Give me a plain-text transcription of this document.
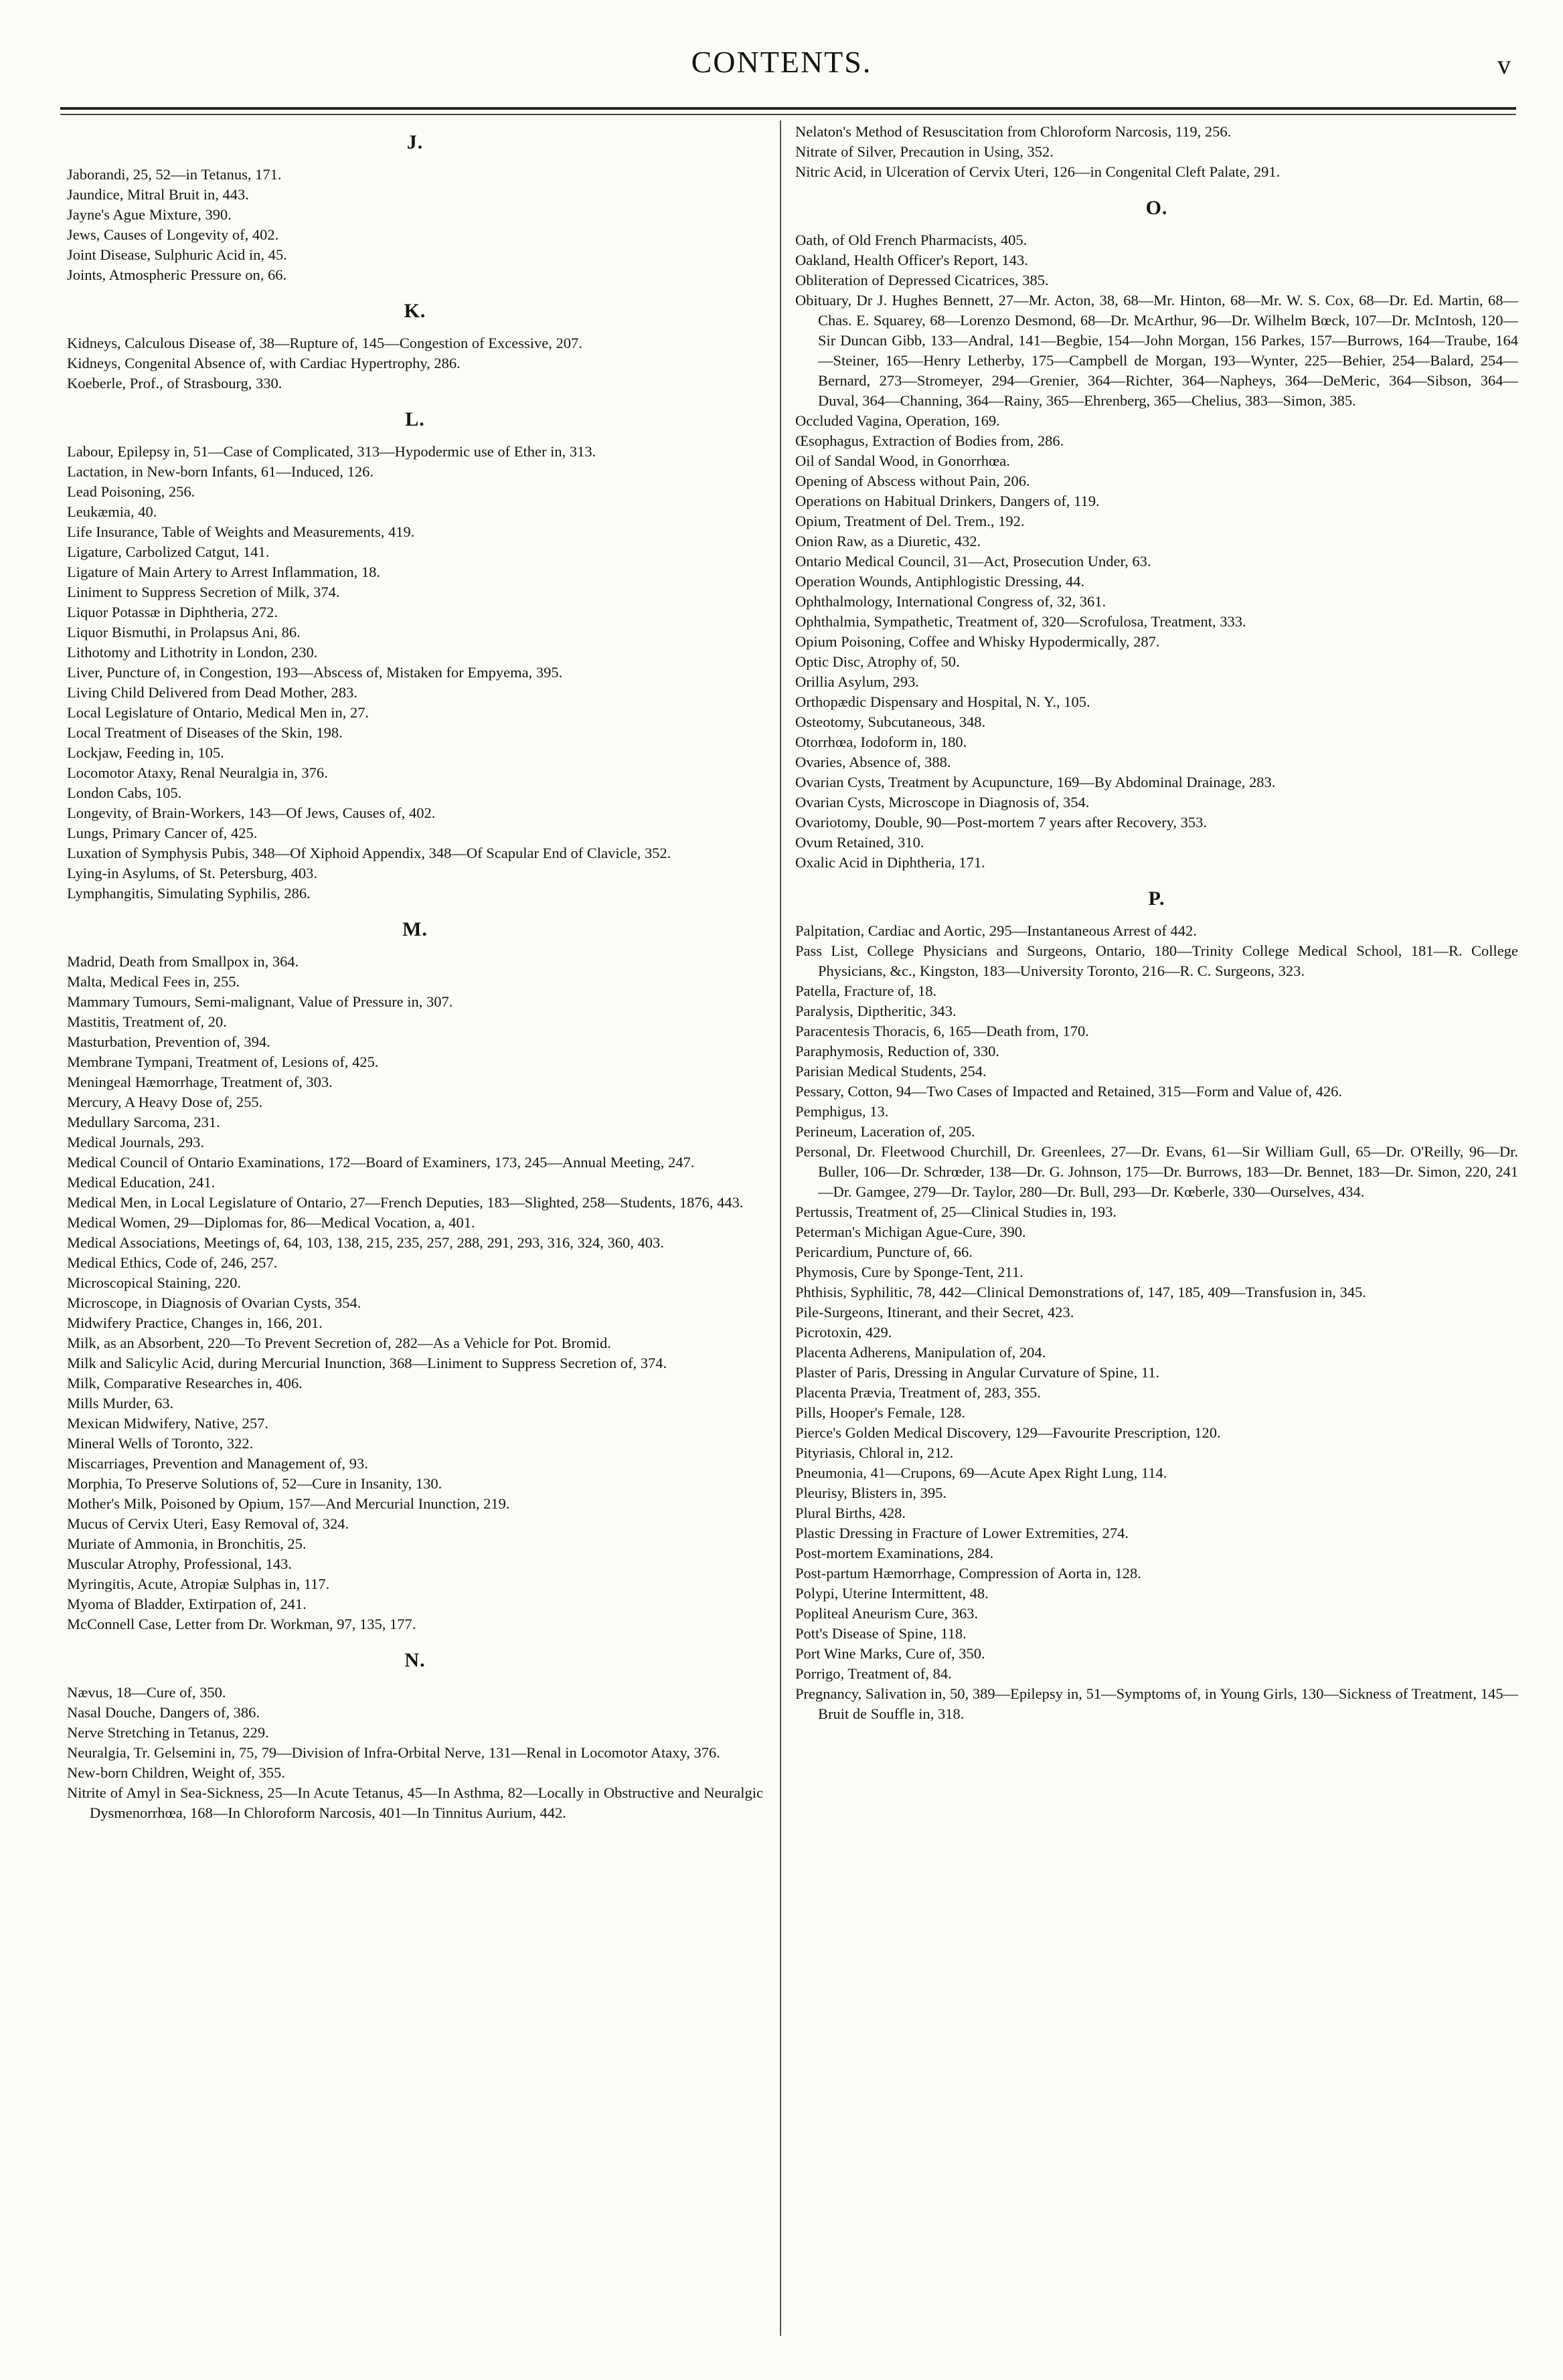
CONTENTS.	v
J.

Jaborandi, 25, 52—in Tetanus, 171.

Jaundice, Mitral Bruit in, 443.

Jayne's Ague Mixture, 390.

Jews, Causes of Longevity of, 402.

Joint Disease, Sulphuric Acid in, 45.

Joints, Atmospheric Pressure on, 66.

K.

Kidneys, Calculous Disease of, 38—Rupture of, 145—Congestion of Excessive, 207.

Kidneys, Congenital Absence of, with Cardiac Hypertrophy, 286.

Koeberle, Prof., of Strasbourg, 330.

L.

Labour, Epilepsy in, 51—Case of Complicated, 313—Hypodermic use of Ether in, 313.

Lactation, in New-born Infants, 61—Induced, 126.

Lead Poisoning, 256.

Leukæmia, 40.

Life Insurance, Table of Weights and Measurements, 419.

Ligature, Carbolized Catgut, 141.

Ligature of Main Artery to Arrest Inflammation, 18.

Liniment to Suppress Secretion of Milk, 374.

Liquor Potassæ in Diphtheria, 272.

Liquor Bismuthi, in Prolapsus Ani, 86.

Lithotomy and Lithotrity in London, 230.

Liver, Puncture of, in Congestion, 193—Abscess of, Mistaken for Empyema, 395.

Living Child Delivered from Dead Mother, 283.

Local Legislature of Ontario, Medical Men in, 27.

Local Treatment of Diseases of the Skin, 198.

Lockjaw, Feeding in, 105.

Locomotor Ataxy, Renal Neuralgia in, 376.

London Cabs, 105.

Longevity, of Brain-Workers, 143—Of Jews, Causes of, 402.

Lungs, Primary Cancer of, 425.

Luxation of Symphysis Pubis, 348—Of Xiphoid Appendix, 348—Of Scapular End of Clavicle, 352.

Lying-in Asylums, of St. Petersburg, 403.

Lymphangitis, Simulating Syphilis, 286.

M.

Madrid, Death from Smallpox in, 364.

Malta, Medical Fees in, 255.

Mammary Tumours, Semi-malignant, Value of Pressure in, 307.

Mastitis, Treatment of, 20.

Masturbation, Prevention of, 394.

Membrane Tympani, Treatment of, Lesions of, 425.

Meningeal Hæmorrhage, Treatment of, 303.

Mercury, A Heavy Dose of, 255.

Medullary Sarcoma, 231.

Medical Journals, 293.

Medical Council of Ontario Examinations, 172—Board of Examiners, 173, 245—Annual Meeting, 247.

Medical Education, 241.

Medical Men, in Local Legislature of Ontario, 27—French Deputies, 183—Slighted, 258—Students, 1876, 443.

Medical Women, 29—Diplomas for, 86—Medical Vocation, a, 401.

Medical Associations, Meetings of, 64, 103, 138, 215, 235, 257, 288, 291, 293, 316, 324, 360, 403.

Medical Ethics, Code of, 246, 257.

Microscopical Staining, 220.

Microscope, in Diagnosis of Ovarian Cysts, 354.

Midwifery Practice, Changes in, 166, 201.

Milk, as an Absorbent, 220—To Prevent Secretion of, 282—As a Vehicle for Pot. Bromid.

Milk and Salicylic Acid, during Mercurial Inunction, 368—Liniment to Suppress Secretion of, 374.

Milk, Comparative Researches in, 406.

Mills Murder, 63.

Mexican Midwifery, Native, 257.

Mineral Wells of Toronto, 322.

Miscarriages, Prevention and Management of, 93.

Morphia, To Preserve Solutions of, 52—Cure in Insanity, 130.

Mother's Milk, Poisoned by Opium, 157—And Mercurial Inunction, 219.

Mucus of Cervix Uteri, Easy Removal of, 324.

Muriate of Ammonia, in Bronchitis, 25.

Muscular Atrophy, Professional, 143.

Myringitis, Acute, Atropiæ Sulphas in, 117.

Myoma of Bladder, Extirpation of, 241.

McConnell Case, Letter from Dr. Workman, 97, 135, 177.

N.

Nævus, 18—Cure of, 350.

Nasal Douche, Dangers of, 386.

Nerve Stretching in Tetanus, 229.

Neuralgia, Tr. Gelsemini in, 75, 79—Division of Infra-Orbital Nerve, 131—Renal in Locomotor Ataxy, 376.

New-born Children, Weight of, 355.

Nitrite of Amyl in Sea-Sickness, 25—In Acute Tetanus, 45—In Asthma, 82—Locally in Obstructive and Neuralgic Dysmenorrhœa, 168—In Chloroform Narcosis, 401—In Tinnitus Aurium, 442.

Nelaton's Method of Resuscitation from Chloroform Narcosis, 119, 256.

Nitrate of Silver, Precaution in Using, 352.

Nitric Acid, in Ulceration of Cervix Uteri, 126—in Congenital Cleft Palate, 291.

O.

Oath, of Old French Pharmacists, 405.

Oakland, Health Officer's Report, 143.

Obliteration of Depressed Cicatrices, 385.

Obituary, Dr J. Hughes Bennett, 27—Mr. Acton, 38, 68—Mr. Hinton, 68—Mr. W. S. Cox, 68—Dr. Ed. Martin, 68—Chas. E. Squarey, 68—Lorenzo Desmond, 68—Dr. McArthur, 96—Dr. Wilhelm Bœck, 107—Dr. McIntosh, 120—Sir Duncan Gibb, 133—Andral, 141—Begbie, 154—John Morgan, 156 Parkes, 157—Burrows, 164—Traube, 164—Steiner, 165—Henry Letherby, 175—Campbell de Morgan, 193—Wynter, 225—Behier, 254—Balard, 254—Bernard, 273—Stromeyer, 294—Grenier, 364—Richter, 364—Napheys, 364—DeMeric, 364—Sibson, 364—Duval, 364—Channing, 364—Rainy, 365—Ehrenberg, 365—Chelius, 383—Simon, 385.

Occluded Vagina, Operation, 169.

Œsophagus, Extraction of Bodies from, 286.

Oil of Sandal Wood, in Gonorrhœa.

Opening of Abscess without Pain, 206.

Operations on Habitual Drinkers, Dangers of, 119.

Opium, Treatment of Del. Trem., 192.

Onion Raw, as a Diuretic, 432.

Ontario Medical Council, 31—Act, Prosecution Under, 63.

Operation Wounds, Antiphlogistic Dressing, 44.

Ophthalmology, International Congress of, 32, 361.

Ophthalmia, Sympathetic, Treatment of, 320—Scrofulosa, Treatment, 333.

Opium Poisoning, Coffee and Whisky Hypodermically, 287.

Optic Disc, Atrophy of, 50.

Orillia Asylum, 293.

Orthopædic Dispensary and Hospital, N. Y., 105.

Osteotomy, Subcutaneous, 348.

Otorrhœa, Iodoform in, 180.

Ovaries, Absence of, 388.

Ovarian Cysts, Treatment by Acupuncture, 169—By Abdominal Drainage, 283.

Ovarian Cysts, Microscope in Diagnosis of, 354.

Ovariotomy, Double, 90—Post-mortem 7 years after Recovery, 353.

Ovum Retained, 310.

Oxalic Acid in Diphtheria, 171.

P.

Palpitation, Cardiac and Aortic, 295—Instantaneous Arrest of 442.

Pass List, College Physicians and Surgeons, Ontario, 180—Trinity College Medical School, 181—R. College Physicians, &c., Kingston, 183—University Toronto, 216—R. C. Surgeons, 323.

Patella, Fracture of, 18.

Paralysis, Diptheritic, 343.

Paracentesis Thoracis, 6, 165—Death from, 170.

Paraphymosis, Reduction of, 330.

Parisian Medical Students, 254.

Pessary, Cotton, 94—Two Cases of Impacted and Retained, 315—Form and Value of, 426.

Pemphigus, 13.

Perineum, Laceration of, 205.

Personal, Dr. Fleetwood Churchill, Dr. Greenlees, 27—Dr. Evans, 61—Sir William Gull, 65—Dr. O'Reilly, 96—Dr. Buller, 106—Dr. Schrœder, 138—Dr. G. Johnson, 175—Dr. Burrows, 183—Dr. Bennet, 183—Dr. Simon, 220, 241—Dr. Gamgee, 279—Dr. Taylor, 280—Dr. Bull, 293—Dr. Kœberle, 330—Ourselves, 434.

Pertussis, Treatment of, 25—Clinical Studies in, 193.

Peterman's Michigan Ague-Cure, 390.

Pericardium, Puncture of, 66.

Phymosis, Cure by Sponge-Tent, 211.

Phthisis, Syphilitic, 78, 442—Clinical Demonstrations of, 147, 185, 409—Transfusion in, 345.

Pile-Surgeons, Itinerant, and their Secret, 423.

Picrotoxin, 429.

Placenta Adherens, Manipulation of, 204.

Plaster of Paris, Dressing in Angular Curvature of Spine, 11.

Placenta Prævia, Treatment of, 283, 355.

Pills, Hooper's Female, 128.

Pierce's Golden Medical Discovery, 129—Favourite Prescription, 120.

Pityriasis, Chloral in, 212.

Pneumonia, 41—Crupons, 69—Acute Apex Right Lung, 114.

Pleurisy, Blisters in, 395.

Plural Births, 428.

Plastic Dressing in Fracture of Lower Extremities, 274.

Post-mortem Examinations, 284.

Post-partum Hæmorrhage, Compression of Aorta in, 128.

Polypi, Uterine Intermittent, 48.

Popliteal Aneurism Cure, 363.

Pott's Disease of Spine, 118.

Port Wine Marks, Cure of, 350.

Porrigo, Treatment of, 84.

Pregnancy, Salivation in, 50, 389—Epilepsy in, 51—Symptoms of, in Young Girls, 130—Sickness of Treatment, 145—Bruit de Souffle in, 318.
